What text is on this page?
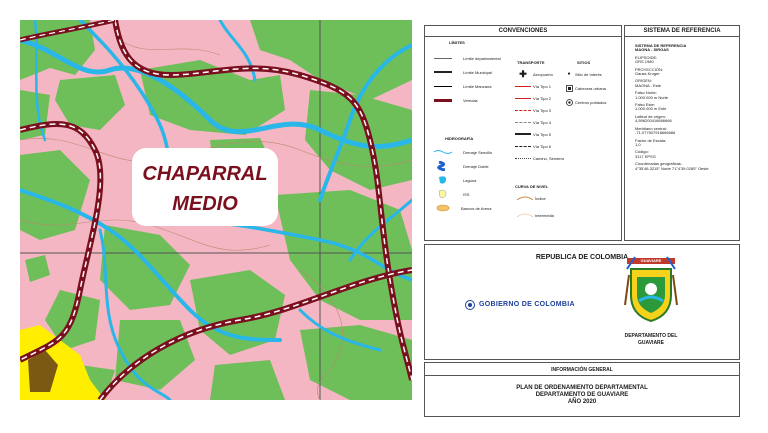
CHAPARRAL
MEDIO
CONVENCIONES
LÍMITES
Límite departamental
Límite Municipal
Límite Manzana
Veredas
HIDROGRAFÍA
Drenaje Sencillo
Drenaje Doble
Laguna
ISS
Bancos de Arena
TRANSPORTE
✚	Aeropuerto
Vía Tipo 1
Vía Tipo 2
Vía Tipo 3
Vía Tipo 4
Vía Tipo 5
Vía Tipo 6
Camino, Sendero
CURVA DE NIVEL
Índice
Intermedia
SITIOS
●	Sitio de Interés
Cabecera urbana
Centros poblados
SISTEMA DE REFERENCIA
SISTEMA DE REFERENCIA
MAGNA - SIRGAS
ELIPSOIDE:
GRS 1980
PROYECCIÓN:
Gauss Kruger
ORIGEN:
MAGNA - Este
Falso Norte:
1.000.000 m Norte
Falso Este:
1.000.000 m Este
Latitud de origen:
4,596200416666666
Meridiano central:
-71,077507916666666
Factor de Escala:
1,0
Código:
3117 EPSG
Coordenadas geográficas:
4°35'46.3215" Norte 71°4'39.0285" Oeste
REPUBLICA DE COLOMBIA
GOBIERNO DE COLOMBIA
GUAVIARE
DEPARTAMENTO DEL
GUAVIARE
INFORMACIÓN GENERAL
PLAN DE ORDENAMIENTO DEPARTAMENTAL
DEPARTAMENTO DE GUAVIARE
AÑO 2020
